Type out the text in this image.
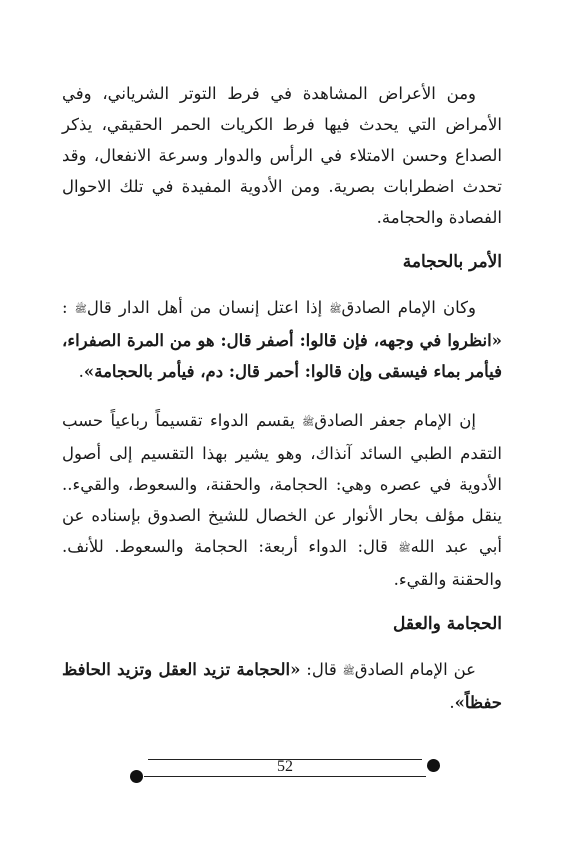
ومن الأعراض المشاهدة في فرط التوتر الشرياني، وفي الأمراض التي يحدث فيها فرط الكريات الحمر الحقيقي، يذكر الصداع وحسن الامتلاء في الرأس والدوار وسرعة الانفعال، وقد تحدث اضطرابات بصرية. ومن الأدوية المفيدة في تلك الاحوال الفصادة والحجامة.

الأمر بالحجامة

وكان الإمام الصادقﷺ إذا اعتل إنسان من أهل الدار قالﷺ : «انظروا في وجهه، فإن قالوا: أصفر قال: هو من المرة الصفراء، فيأمر بماء فيسقى وإن قالوا: أحمر قال: دم، فيأمر بالحجامة».

إن الإمام جعفر الصادقﷺ يقسم الدواء تقسيماً رباعياً حسب التقدم الطبي السائد آنذاك، وهو يشير بهذا التقسيم إلى أصول الأدوية في عصره وهي: الحجامة، والحقنة، والسعوط، والقيء.. ينقل مؤلف بحار الأنوار عن الخصال للشيخ الصدوق بإسناده عن أبي عبد اللهﷺ قال: الدواء أربعة: الحجامة والسعوط. للأنف. والحقنة والقيء.

الحجامة والعقل

عن الإمام الصادقﷺ قال: «الحجامة تزيد العقل وتزيد الحافظ حفظاً».

52
